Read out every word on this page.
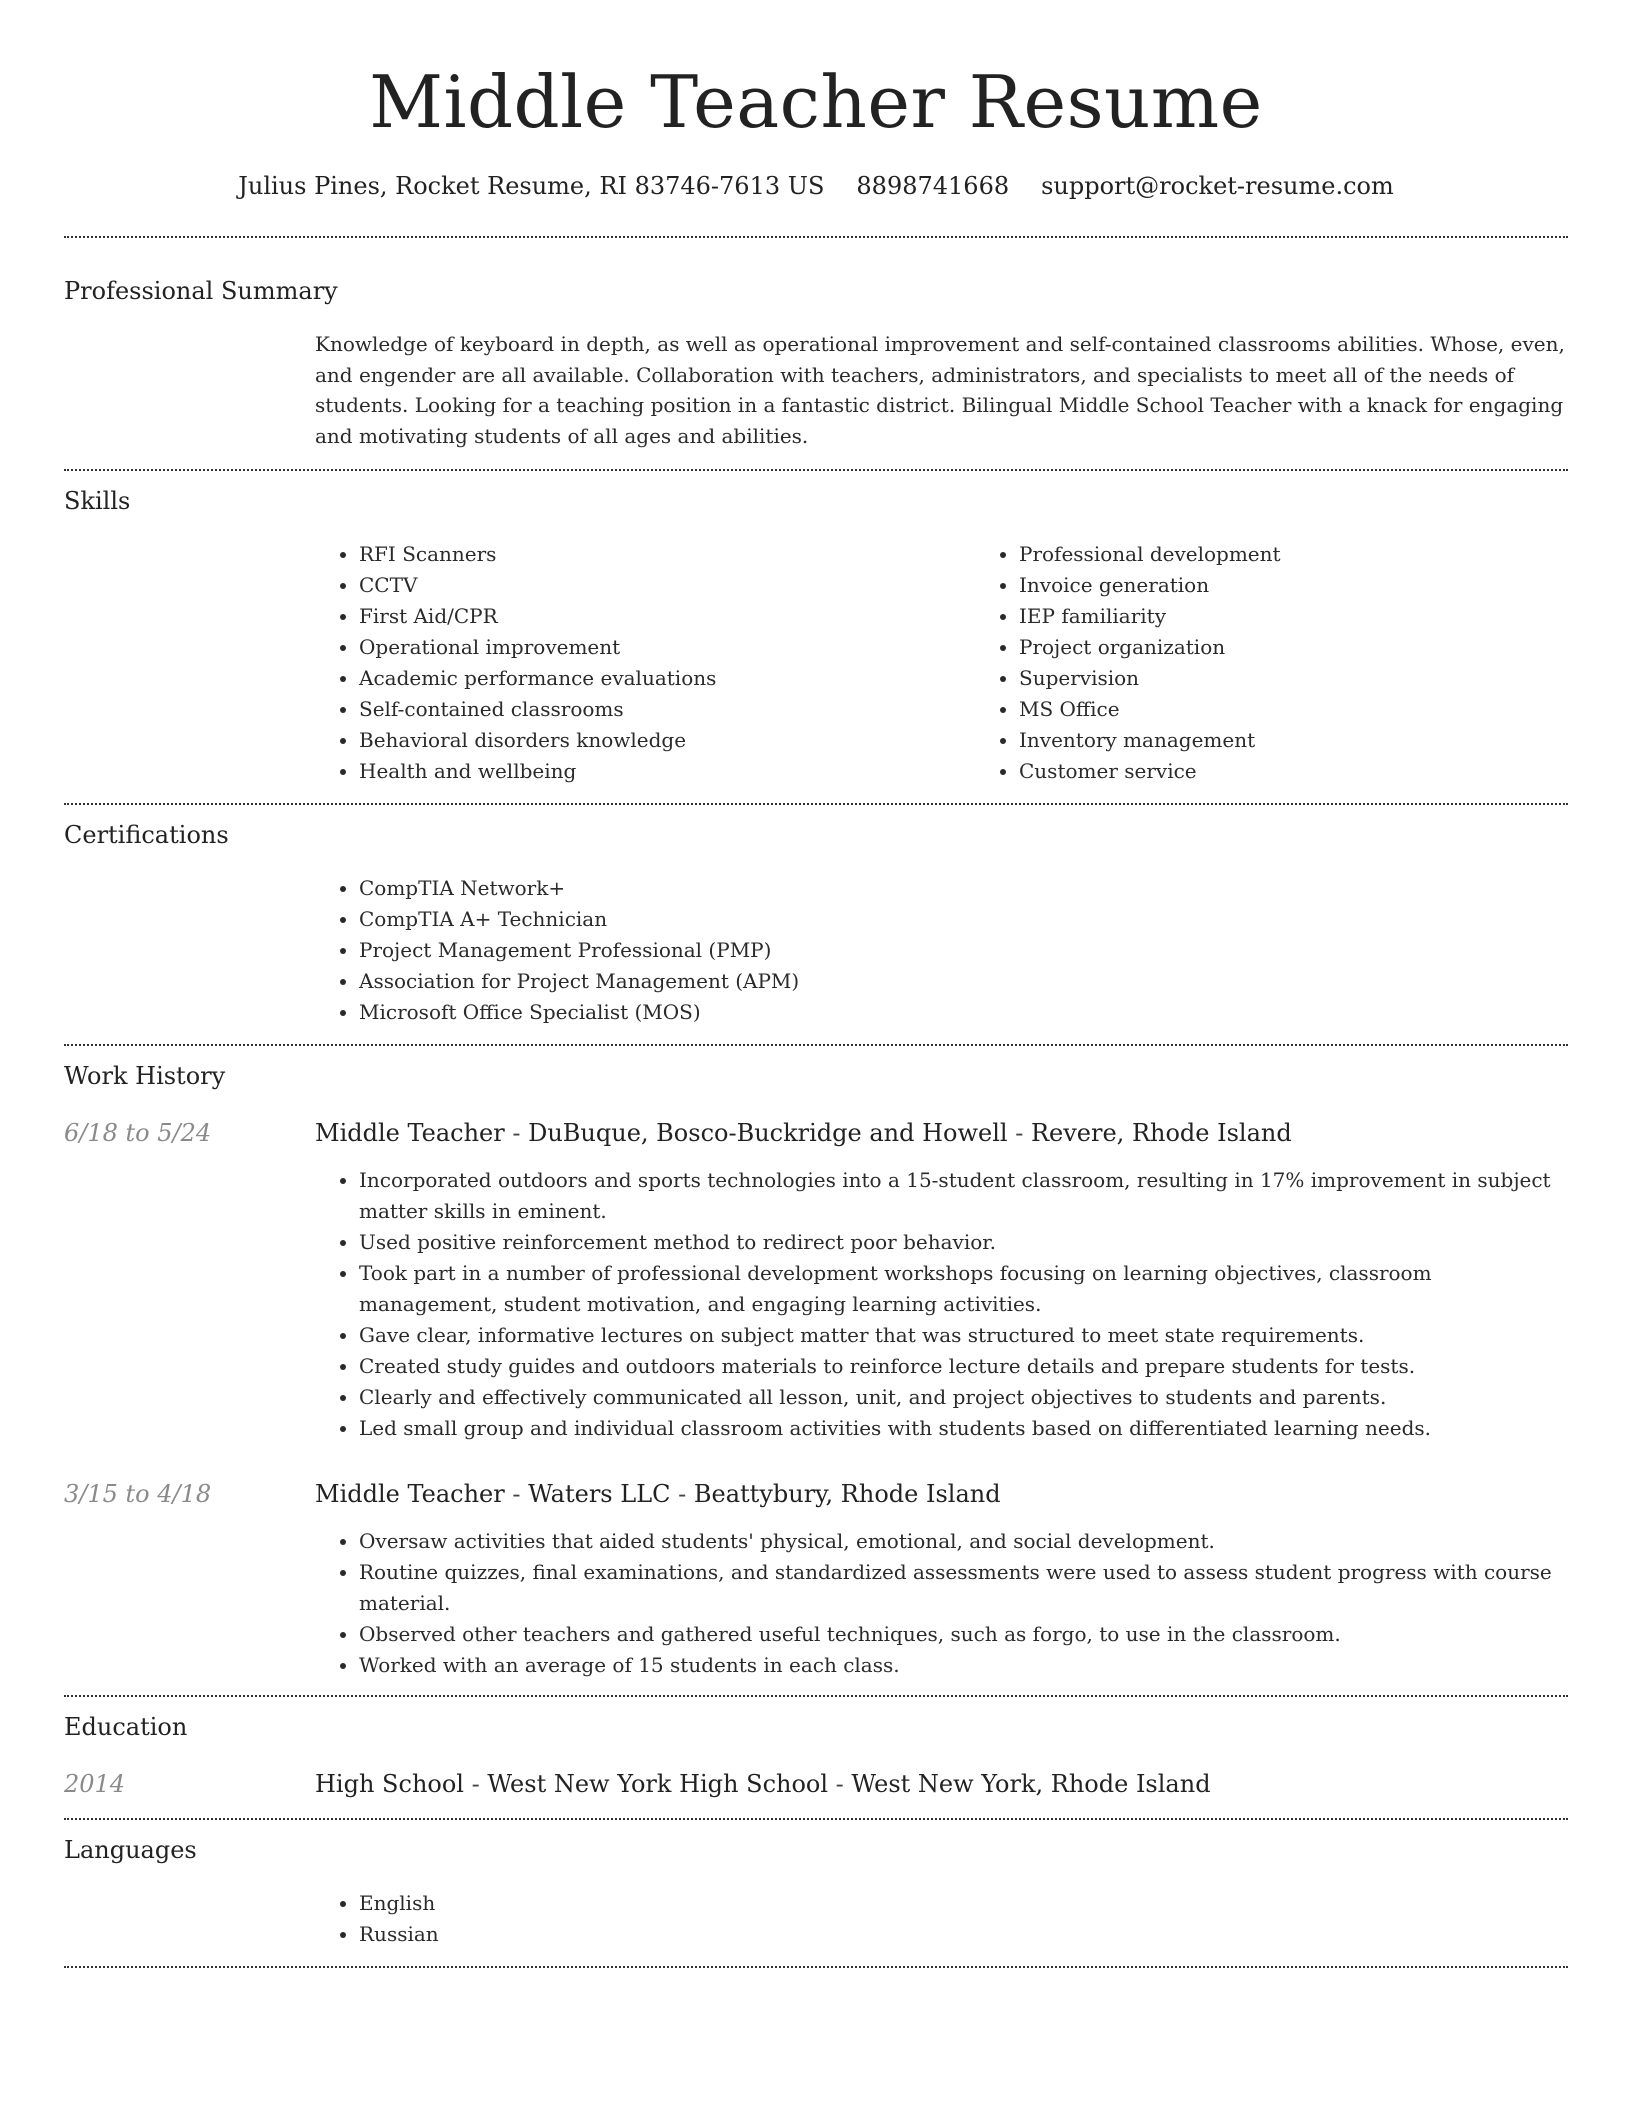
Middle Teacher Resume
Julius Pines, Rocket Resume, RI 83746-7613 US 8898741668 support@rocket-resume.com
Professional Summary

Knowledge of keyboard in depth, as well as operational improvement and self-contained classrooms abilities. Whose, even, and engender are all available. Collaboration with teachers, administrators, and specialists to meet all of the needs of students. Looking for a teaching position in a fantastic district. Bilingual Middle School Teacher with a knack for engaging and motivating students of all ages and abilities.

Skills
• RFI Scanners
• CCTV
• First Aid/CPR
• Operational improvement
• Academic performance evaluations
• Self-contained classrooms
• Behavioral disorders knowledge
• Health and wellbeing
• Professional development
• Invoice generation
• IEP familiarity
• Project organization
• Supervision
• MS Office
• Inventory management
• Customer service
Certifications
• CompTIA Network+
• CompTIA A+ Technician
• Project Management Professional (PMP)
• Association for Project Management (APM)
• Microsoft Office Specialist (MOS)
Work History
6/18 to 5/24	Middle Teacher - DuBuque, Bosco-Buckridge and Howell - Revere, Rhode Island
• Incorporated outdoors and sports technologies into a 15-student classroom, resulting in 17% improvement in subject matter skills in eminent.
• Used positive reinforcement method to redirect poor behavior.
• Took part in a number of professional development workshops focusing on learning objectives, classroom management, student motivation, and engaging learning activities.
• Gave clear, informative lectures on subject matter that was structured to meet state requirements.
• Created study guides and outdoors materials to reinforce lecture details and prepare students for tests.
• Clearly and effectively communicated all lesson, unit, and project objectives to students and parents.
• Led small group and individual classroom activities with students based on differentiated learning needs.
3/15 to 4/18	Middle Teacher - Waters LLC - Beattybury, Rhode Island
• Oversaw activities that aided students' physical, emotional, and social development.
• Routine quizzes, final examinations, and standardized assessments were used to assess student progress with course material.
• Observed other teachers and gathered useful techniques, such as forgo, to use in the classroom.
• Worked with an average of 15 students in each class.
Education
2014	High School - West New York High School - West New York, Rhode Island
Languages
• English
• Russian
